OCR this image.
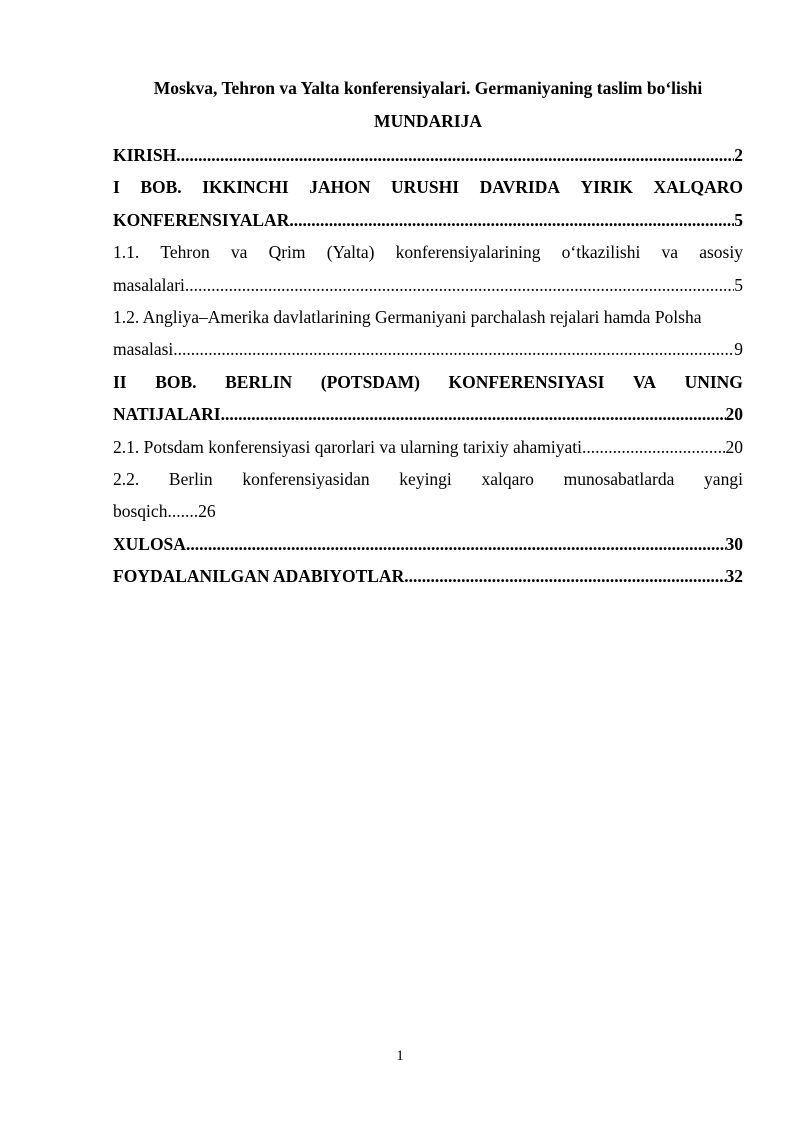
Moskva, Tehron va Yalta konferensiyalari. Germaniyaning taslim bo‘lishi
MUNDARIJA
KIRISH .....	2
I BOB. IKKINCHI JAHON URUSHI DAVRIDA YIRIK XALQARO
KONFERENSIYALAR .....	5
1.1. Tehron va Qrim (Yalta) konferensiyalarining o‘tkazilishi va asosiy
masalalari .....	5
1.2. Angliya–Amerika davlatlarining Germaniyani parchalash rejalari hamda Polsha
masalasi .....	9
II BOB. BERLIN (POTSDAM) KONFERENSIYASI VA UNING
NATIJALARI .....	20
2.1. Potsdam konferensiyasi qarorlari va ularning tarixiy ahamiyati .....	20
2.2. Berlin konferensiyasidan keyingi xalqaro munosabatlarda yangi
bosqich.......26
XULOSA .....	30
FOYDALANILGAN ADABIYOTLAR .....	32
1
